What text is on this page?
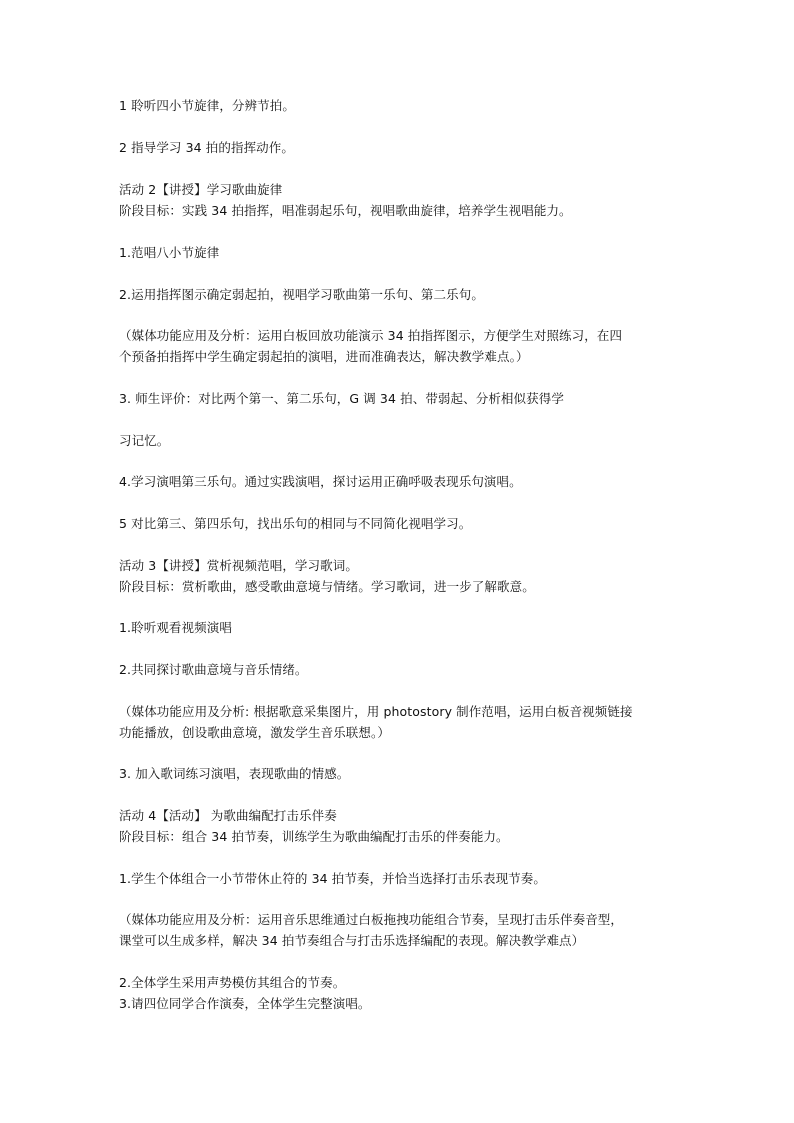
1 聆听四小节旋律，分辨节拍。
2 指导学习 34 拍的指挥动作。
活动 2【讲授】学习歌曲旋律
阶段目标：实践 34 拍指挥，唱准弱起乐句，视唱歌曲旋律，培养学生视唱能力。
1.范唱八小节旋律
2.运用指挥图示确定弱起拍，视唱学习歌曲第一乐句、第二乐句。
（媒体功能应用及分析：运用白板回放功能演示 34 拍指挥图示，方便学生对照练习，在四
个预备拍指挥中学生确定弱起拍的演唱，进而准确表达，解决教学难点。）
3. 师生评价：对比两个第一、第二乐句，G 调 34 拍、带弱起、分析相似获得学
习记忆。
4.学习演唱第三乐句。通过实践演唱，探讨运用正确呼吸表现乐句演唱。
5 对比第三、第四乐句，找出乐句的相同与不同简化视唱学习。
活动 3【讲授】赏析视频范唱，学习歌词。
阶段目标：赏析歌曲，感受歌曲意境与情绪。学习歌词，进一步了解歌意。
1.聆听观看视频演唱
2.共同探讨歌曲意境与音乐情绪。
（媒体功能应用及分析: 根据歌意采集图片，用 photostory 制作范唱，运用白板音视频链接
功能播放，创设歌曲意境，激发学生音乐联想。）
3. 加入歌词练习演唱，表现歌曲的情感。
活动 4【活动】 为歌曲编配打击乐伴奏
阶段目标：组合 34 拍节奏，训练学生为歌曲编配打击乐的伴奏能力。
1.学生个体组合一小节带休止符的 34 拍节奏，并恰当选择打击乐表现节奏。
（媒体功能应用及分析：运用音乐思维通过白板拖拽功能组合节奏，呈现打击乐伴奏音型，
课堂可以生成多样，解决 34 拍节奏组合与打击乐选择编配的表现。解决教学难点）
2.全体学生采用声势模仿其组合的节奏。
3.请四位同学合作演奏，全体学生完整演唱。
